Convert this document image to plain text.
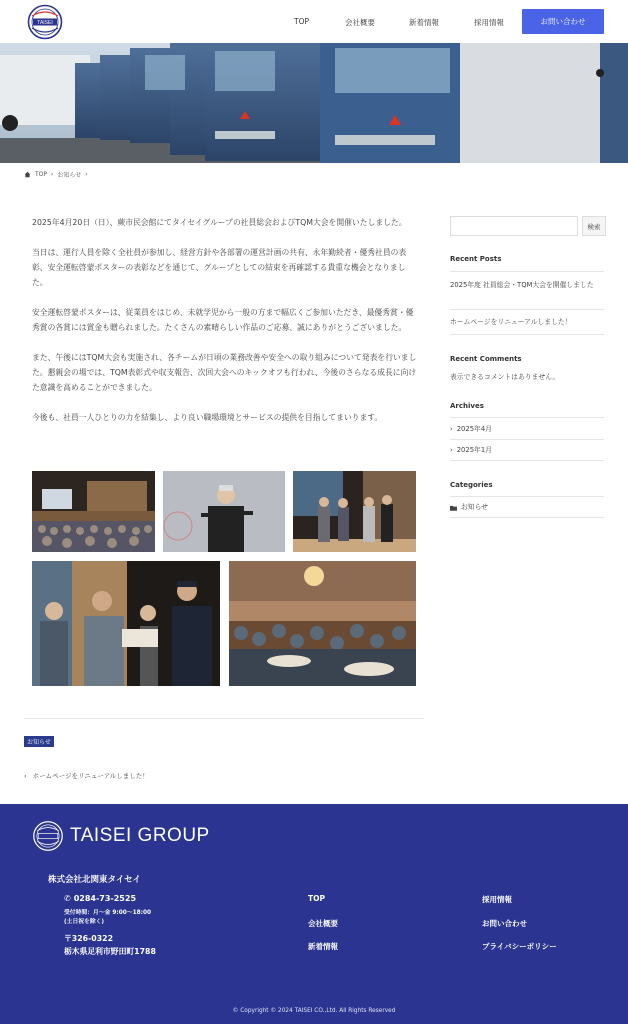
TAISEI	TOP	会社概要	新着情報	採用情報	お問い合わせ
TOP › お知らせ ›

2025年4月20日（日）、蕨市民会館にてタイセイグループの社員総会およびTQM大会を開催いたしました。

当日は、運行人員を除く全社員が参加し、経営方針や各部署の運営計画の共有、永年勤続者・優秀社員の表彰、安全運転啓蒙ポスターの表彰などを通じて、グループとしての結束を再確認する貴重な機会となりました。

安全運転啓蒙ポスターは、従業員をはじめ、未就学児から一般の方まで幅広くご参加いただき、最優秀賞・優秀賞の各賞には賞金も贈られました。たくさんの素晴らしい作品のご応募、誠にありがとうございました。

また、午後にはTQM大会も実施され、各チームが日頃の業務改善や安全への取り組みについて発表を行いました。懇親会の場では、TQM表彰式や収支報告、次回大会へのキックオフも行われ、今後のさらなる成長に向けた意識を高めることができました。

今後も、社員一人ひとりの力を結集し、より良い職場環境とサービスの提供を目指してまいります。

お知らせ
‹ ホームページをリニューアルしました！
検索
Recent Posts
2025年度 社員総会・TQM大会を開催しました
ホームページをリニューアルしました！
Recent Comments
表示できるコメントはありません。
Archives
› 2025年4月
› 2025年1月
Categories
お知らせ
TAISEI GROUP
株式会社北関東タイセイ
✆ 0284-73-2525
受付時間：月～金 9:00～18:00
(土日祝を除く)
〒326-0322
栃木県足利市野田町1788
TOP
会社概要
新着情報
採用情報
お問い合わせ
プライバシーポリシー
© Copyright © 2024 TAISEI CO.,Ltd. All Rights Reserved
